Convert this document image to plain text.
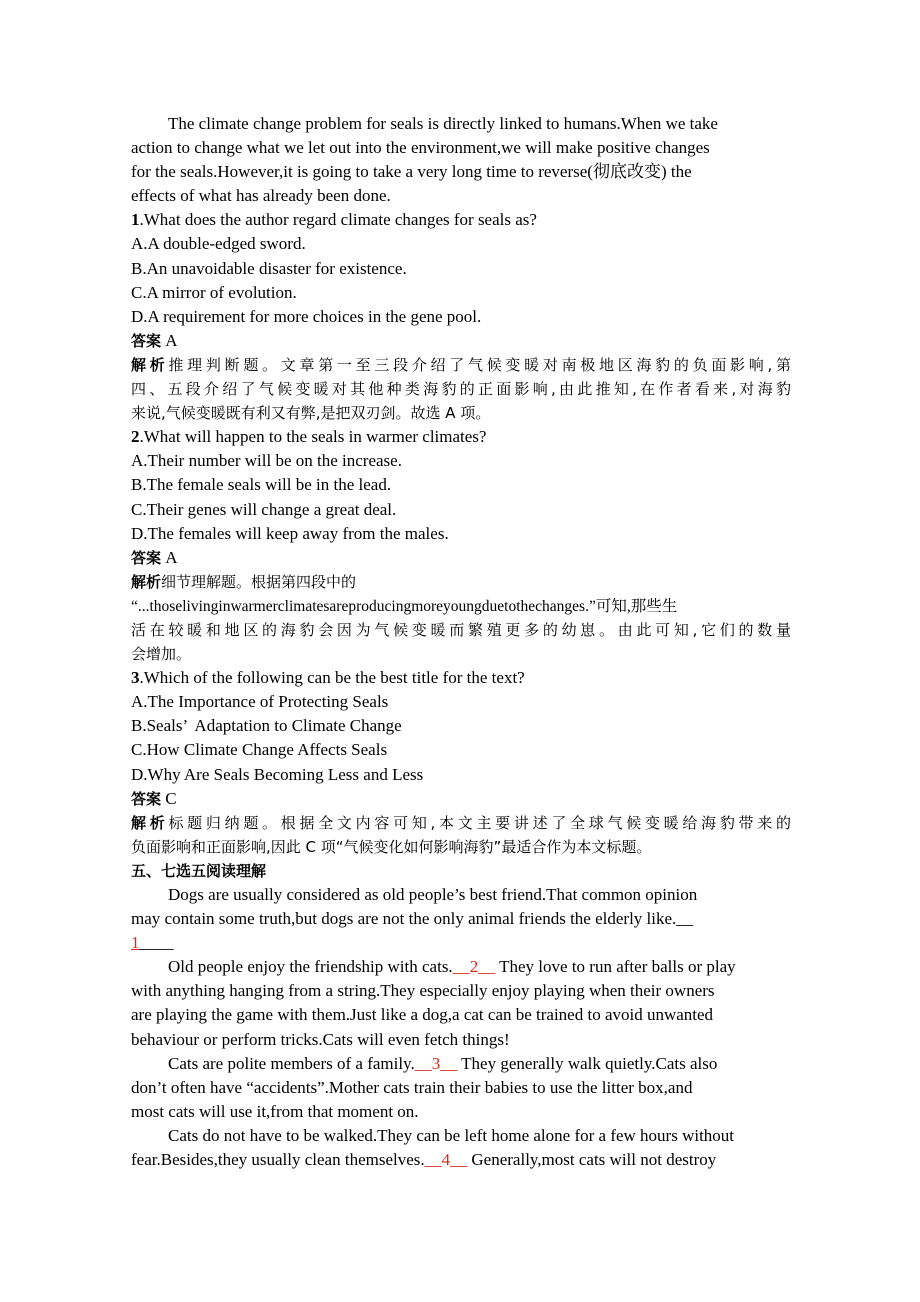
The climate change problem for seals is directly linked to humans.When we take
action to change what we let out into the environment,we will make positive changes
for the seals.However,it is going to take a very long time to reverse(彻底改变) the
effects of what has already been done.
1.What does the author regard climate changes for seals as?
A.A double-edged sword.
B.An unavoidable disaster for existence.
C.A mirror of evolution.
D.A requirement for more choices in the gene pool.
答案 A
解析推理判断题。文章第一至三段介绍了气候变暖对南极地区海豹的负面影响,第
四、五段介绍了气候变暖对其他种类海豹的正面影响,由此推知,在作者看来,对海豹
来说,气候变暖既有利又有弊,是把双刃剑。故选 A 项。
2.What will happen to the seals in warmer climates?
A.Their number will be on the increase.
B.The female seals will be in the lead.
C.Their genes will change a great deal.
D.The females will keep away from the males.
答案 A
解析细节理解题。根据第四段中的
“...thoselivinginwarmerclimatesareproducingmoreyoungduetothechanges.”可知,那些生
活在较暖和地区的海豹会因为气候变暖而繁殖更多的幼崽。由此可知,它们的数量
会增加。
3.Which of the following can be the best title for the text?
A.The Importance of Protecting Seals
B.Seals’  Adaptation to Climate Change
C.How Climate Change Affects Seals
D.Why Are Seals Becoming Less and Less
答案 C
解析标题归纳题。根据全文内容可知,本文主要讲述了全球气候变暖给海豹带来的
负面影响和正面影响,因此 C 项“气候变化如何影响海豹”最适合作为本文标题。
五、七选五阅读理解
Dogs are usually considered as old people’s best friend.That common opinion
may contain some truth,but dogs are not the only animal friends the elderly like.__
1____
Old people enjoy the friendship with cats.__2__ They love to run after balls or play
with anything hanging from a string.They especially enjoy playing when their owners
are playing the game with them.Just like a dog,a cat can be trained to avoid unwanted
behaviour or perform tricks.Cats will even fetch things!
Cats are polite members of a family.__3__ They generally walk quietly.Cats also
don’t often have “accidents”.Mother cats train their babies to use the litter box,and
most cats will use it,from that moment on.
Cats do not have to be walked.They can be left home alone for a few hours without
fear.Besides,they usually clean themselves.__4__ Generally,most cats will not destroy
